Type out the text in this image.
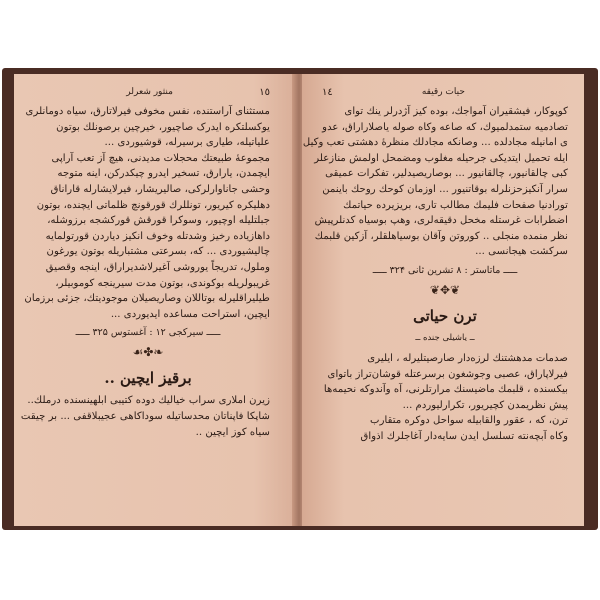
١٥
منثور شعرلر
مستثنای آراستنده، نفس مخوفی فیرلاتارق، سیاه دومانلری
یوکسلتکره ایدرک صاچیور، خیرچین برصونلك بوتون
علیاتیله، طیاری برسیرله، قوشیوردی ...
مجموعهٔ طبیعتك محجلات مدیدنی، هیچ آز تعب آراپی
ایچمدن، یارارق، تسخیر ایدرو چیکدرکن، اینه متوجه
وحشی جاناوارلرکی، صالیریشار، فیرلایشارله قاراناق
دهلیکره کیریور، تونللرك قورقونچ ظلماتی ایچنده، بوتون
جبلتلیله اوچیور، وسوکرا قورقش قورکشجه برزوشله،
داهازیاده رخیز وشدتله وخوف انکیز دیاردن قورتولمایه
چالیشیوردی ... که، بسرعتی مشتباریله بوتون یورغون
وملول، تدریجاً یوروشی آغیرلاشدیراراق، اینجه وقصیق
غریبولریله بوکوندی، بوتون مدت سیرینجه کوموبیلر،
طیلیراقلیرله بوتاللان وصاریصیلان موجودیتك، جزئی برزمان
ایچین، استراحت مساعده ایدیوردی ...
ـــــ سیرکجی ۱۲ : آغستوس ۳۲۵ ـــــ
❧✤☙
برقیز ایچین ..
زیرن املاری سراب خیالیك دوده کتیبی ابلهینسنده درملك..
شاپکا فاپناتان محدساتیله سوداکاهی عجیبلاقفی ... بر چیقت
سیاه کوز ایچین ..
حیات رقیقه
١٤
کوپوکار، فیشقیران آمواجك، بوده کیز آژدرلر ینك توای
تصادمیه ستمدلمیوك، که صاعه وکاه صوله یاصلاراراق، عدو
ی امانیله مجادلده ... وصانکه مجادلك منظرهٔ دهشتی تعب وکیل
ایله تحمیل ایتدیکی جرحیله مغلوب ومضمحل اولمش منازعلر
کبی چالقانیور، چالقانیور ... بوصاریصیدلیر، تفکرات عمیقی
سرار آنکیزحزنلرله بوقاتنیور ... اوزمان کوحك روحك باینمن
تورادنیا صفحات فلیمك مطالب تاری، بریزیرده حیاتمك
اضطرابات غرستله مخحل دقیقه‌لری، وهپ بوسیاه کدنلرپیش
نظر منمده منجلی .. کوروتن وآقان بوسیاهلقلر، آزکین قلبمك
سرکشت هیجانسی ...
ـــــ ماتاستر : ۸ تشرین ثانی ۳۲۴ ـــــ
❦✥❦
ترن حیاتی
ــ یاشیلی جنده ــ
صدمات مدهشتنك لرزه‌دار صارصیتلیرله ، ایلیری
فیرلاپاراق، عصبی وجوشغون برسرعتله قوشان‌تراز باتوای
بیکسنده ، قلبمك ماضیسنك مرارتلرنی، آه وآندوکه نحیمه‌ها
پیش نظریمدن کچیریور، تکرارلیوردم ...
ترن، که ، عقور والقابیله سواحل دوکره متقارب
وکاه آبچه‌نته تسلسل ایدن سایه‌دار آغاجلرك اذواق
